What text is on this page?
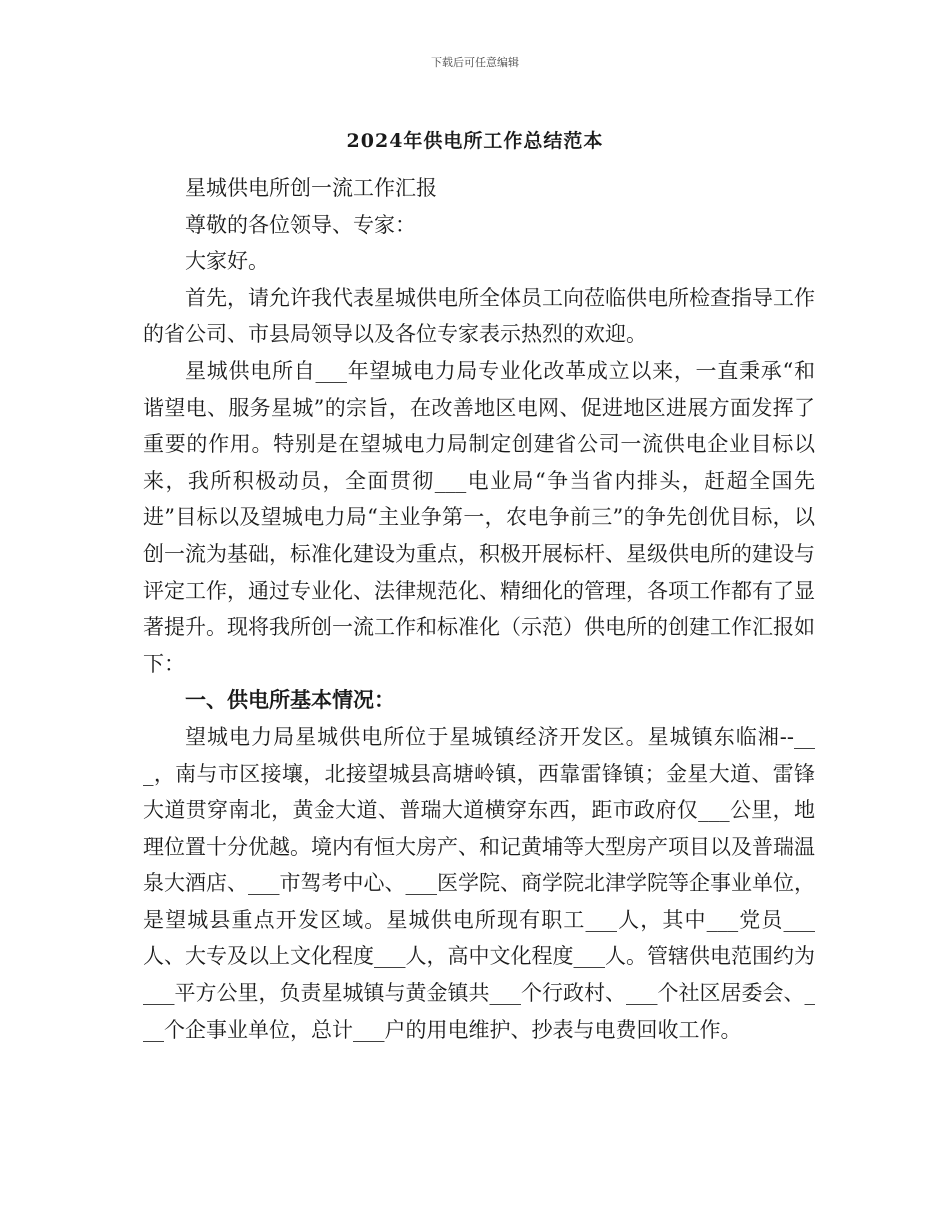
下载后可任意编辑
2024年供电所工作总结范本

星城供电所创一流工作汇报

尊敬的各位领导、专家：

大家好。

首先，请允许我代表星城供电所全体员工向莅临供电所检查指导工作的省公司、市县局领导以及各位专家表示热烈的欢迎。

星城供电所自___年望城电力局专业化改革成立以来，一直秉承“和谐望电、服务星城”的宗旨，在改善地区电网、促进地区进展方面发挥了重要的作用。特别是在望城电力局制定创建省公司一流供电企业目标以来，我所积极动员，全面贯彻___电业局“争当省内排头，赶超全国先进”目标以及望城电力局“主业争第一，农电争前三”的争先创优目标，以创一流为基础，标准化建设为重点，积极开展标杆、星级供电所的建设与评定工作，通过专业化、法律规范化、精细化的管理，各项工作都有了显著提升。现将我所创一流工作和标准化（示范）供电所的创建工作汇报如下：

一、供电所基本情况：

望城电力局星城供电所位于星城镇经济开发区。星城镇东临湘--___，南与市区接壤，北接望城县高塘岭镇，西靠雷锋镇；金星大道、雷锋大道贯穿南北，黄金大道、普瑞大道横穿东西，距市政府仅___公里，地理位置十分优越。境内有恒大房产、和记黄埔等大型房产项目以及普瑞温泉大酒店、___市驾考中心、___医学院、商学院北津学院等企事业单位，是望城县重点开发区域。星城供电所现有职工___人，其中___党员___人、大专及以上文化程度___人，高中文化程度___人。管辖供电范围约为___平方公里，负责星城镇与黄金镇共___个行政村、___个社区居委会、___个企事业单位，总计___户的用电维护、抄表与电费回收工作。
